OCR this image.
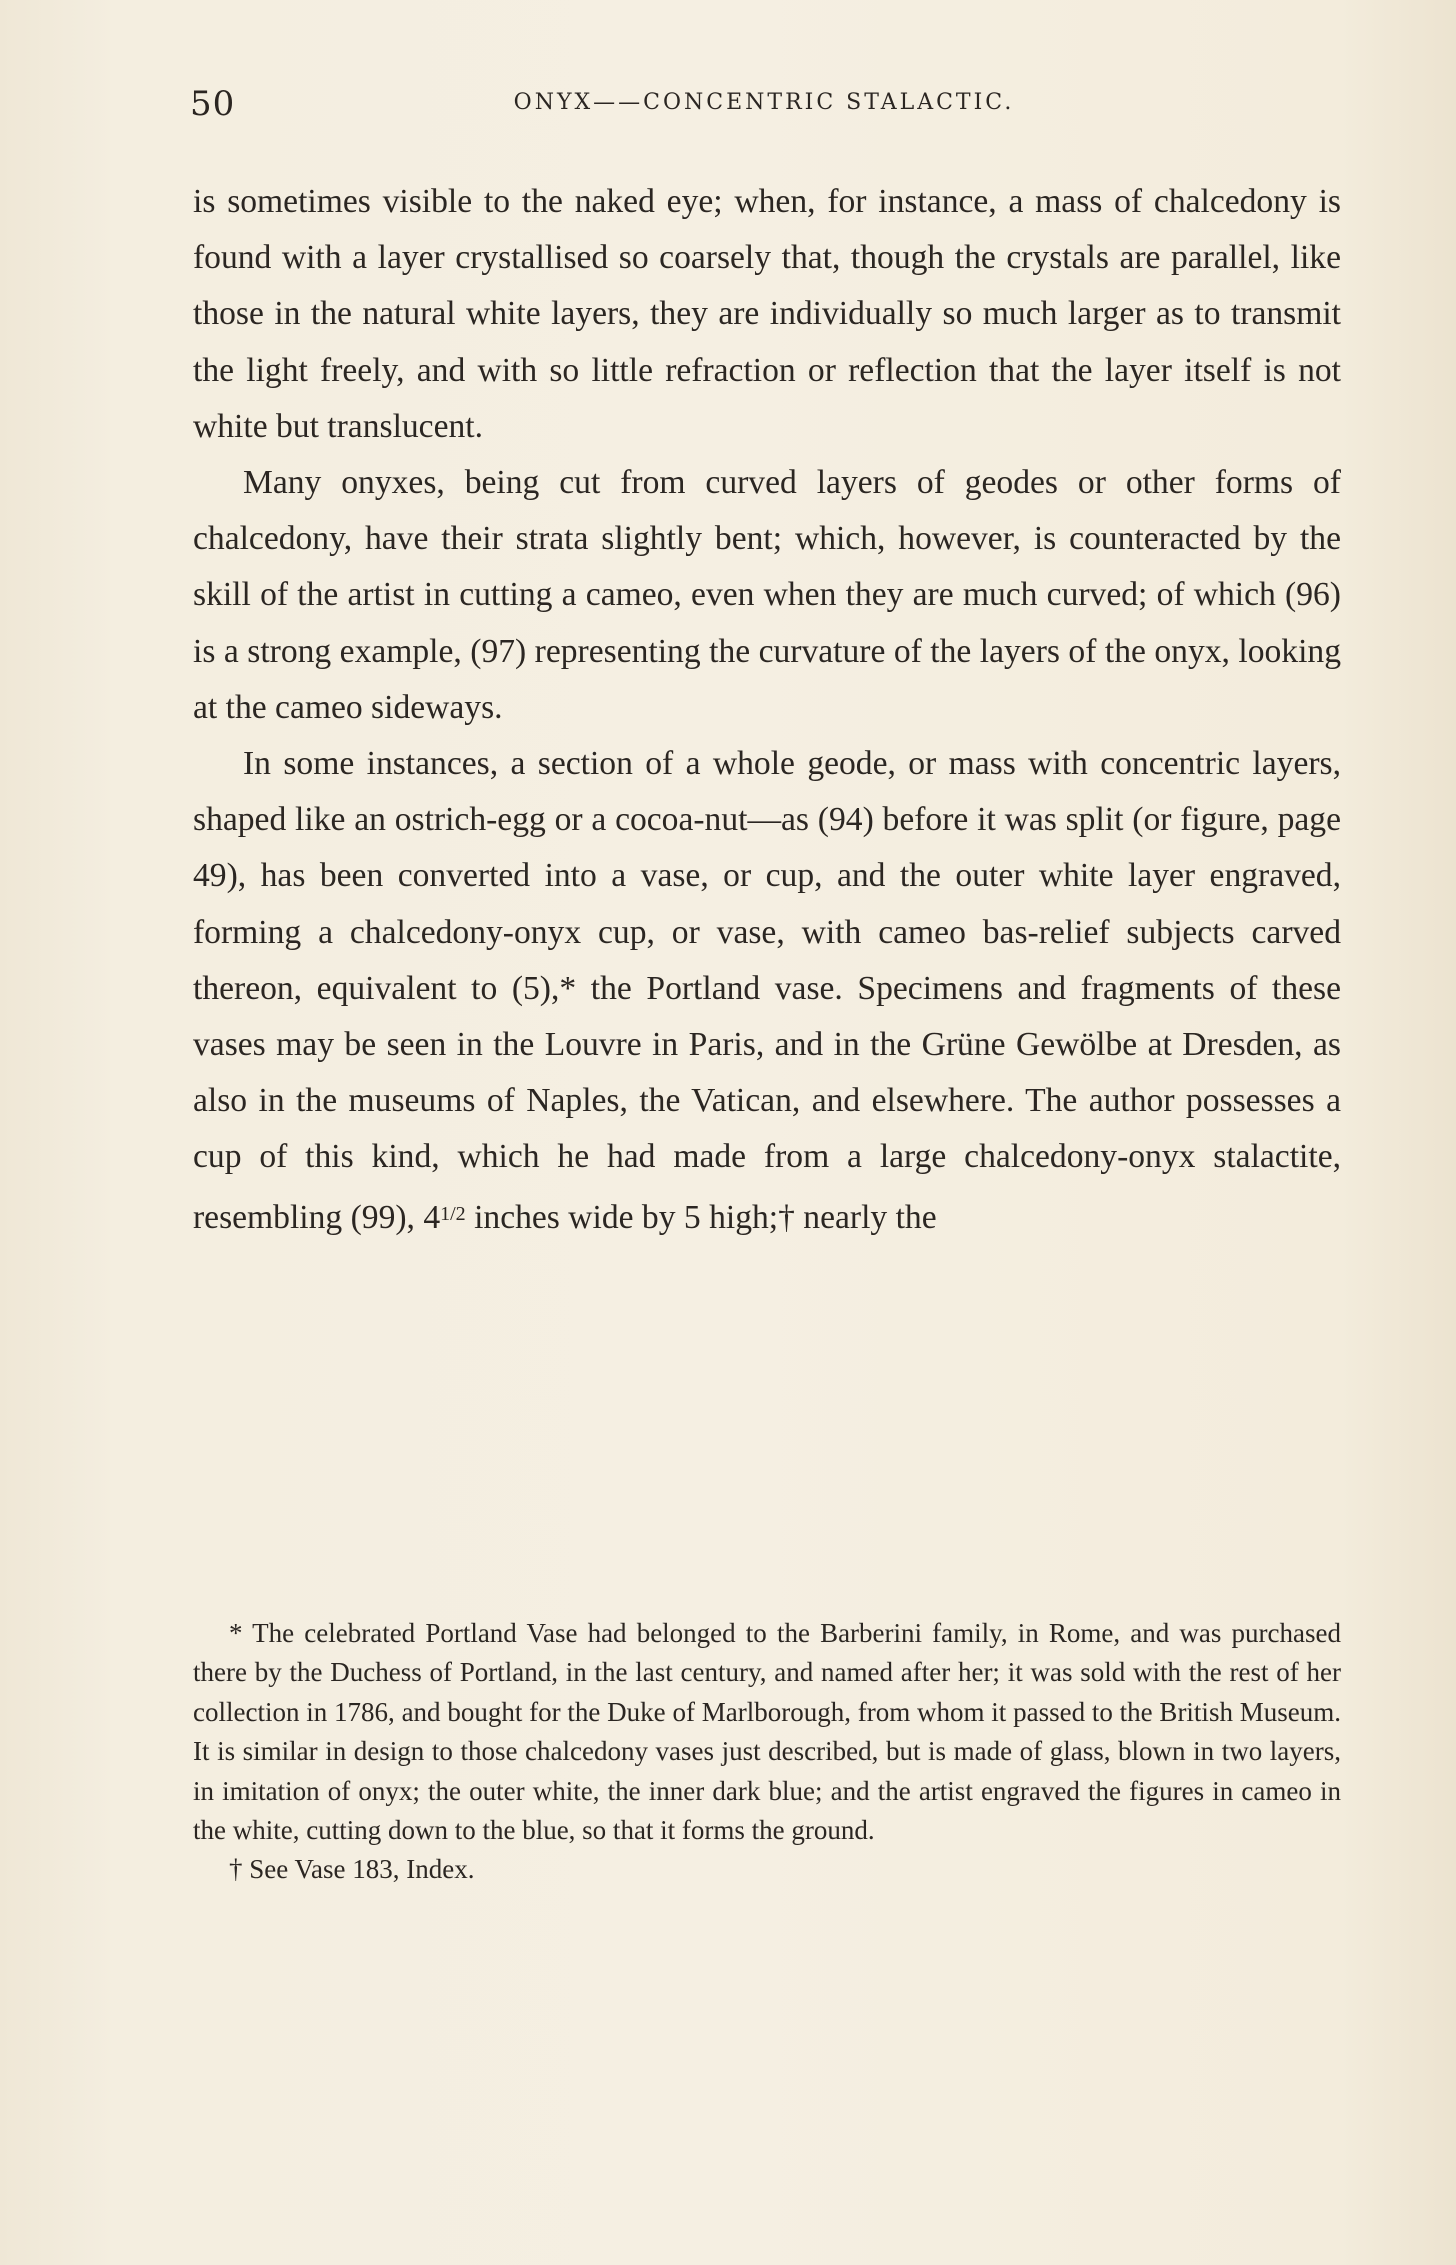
50	ONYX——CONCENTRIC STALACTIC.

is sometimes visible to the naked eye; when, for instance, a mass of chalcedony is found with a layer crystallised so coarsely that, though the crystals are parallel, like those in the natural white layers, they are individually so much larger as to transmit the light freely, and with so little refraction or reflection that the layer itself is not white but translucent.

Many onyxes, being cut from curved layers of geodes or other forms of chalcedony, have their strata slightly bent; which, however, is counteracted by the skill of the artist in cutting a cameo, even when they are much curved; of which (96) is a strong example, (97) representing the curvature of the layers of the onyx, looking at the cameo sideways.

In some instances, a section of a whole geode, or mass with concentric layers, shaped like an ostrich-egg or a cocoa-nut—as (94) before it was split (or figure, page 49), has been converted into a vase, or cup, and the outer white layer engraved, forming a chalcedony-onyx cup, or vase, with cameo bas-relief subjects carved thereon, equivalent to (5),* the Portland vase. Specimens and fragments of these vases may be seen in the Louvre in Paris, and in the Grüne Gewölbe at Dresden, as also in the museums of Naples, the Vatican, and elsewhere. The author possesses a cup of this kind, which he had made from a large chalcedony-onyx stalactite, resembling (99), $4^{1/2}$ inches wide by 5 high;† nearly the

* The celebrated Portland Vase had belonged to the Barberini family, in Rome, and was purchased there by the Duchess of Portland, in the last century, and named after her; it was sold with the rest of her collection in 1786, and bought for the Duke of Marlborough, from whom it passed to the British Museum. It is similar in design to those chalcedony vases just described, but is made of glass, blown in two layers, in imitation of onyx; the outer white, the inner dark blue; and the artist engraved the figures in cameo in the white, cutting down to the blue, so that it forms the ground.

† See Vase 183, Index.
